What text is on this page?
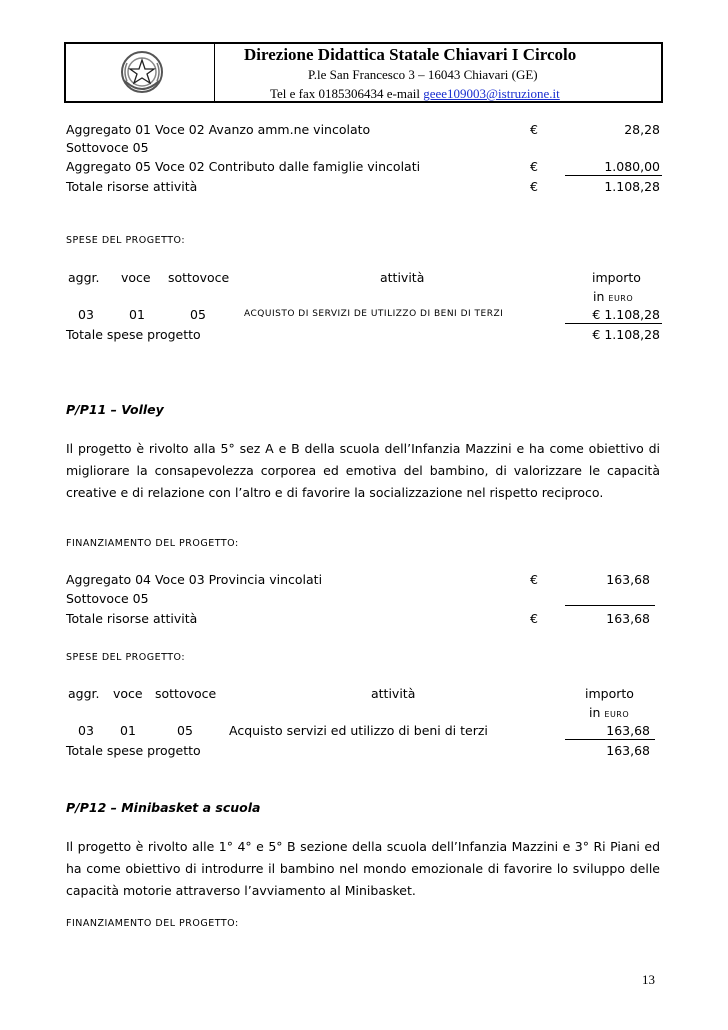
Direzione Didattica Statale Chiavari I Circolo
P.le San Francesco 3 – 16043 Chiavari (GE)
Tel e fax 0185306434 e-mail geee109003@istruzione.it
Aggregato 01 Voce 02 Avanzo amm.ne vincolato	€	28,28
Sottovoce 05
Aggregato 05 Voce 02 Contributo dalle famiglie vincolati	€	1.080,00
Totale risorse attività	€	1.108,28
SPESE DEL PROGETTO:
aggr. voce sottovoce	attività	importo
in EURO
03	01	05	ACQUISTO DI SERVIZI DE UTILIZZO DI BENI DI TERZI	€ 1.108,28
Totale spese progetto	€ 1.108,28
P/P11 – Volley
Il progetto è rivolto alla 5° sez A e B della scuola dell’Infanzia Mazzini e ha come obiettivo di
migliorare la consapevolezza corporea ed emotiva del bambino, di valorizzare le capacità
creative e di relazione con l’altro e di favorire la socializzazione nel rispetto reciproco.
FINANZIAMENTO DEL PROGETTO:
Aggregato 04 Voce 03 Provincia vincolati	€	163,68
Sottovoce 05
Totale risorse attività	€	163,68
SPESE DEL PROGETTO:
aggr. voce sottovoce	attività	importo
in EURO
03 01	05	Acquisto servizi ed utilizzo di beni di terzi	163,68
Totale spese progetto	163,68
P/P12 – Minibasket a scuola
Il progetto è rivolto alle 1° 4° e 5° B sezione della scuola dell’Infanzia Mazzini e 3° Ri Piani ed
ha come obiettivo di introdurre il bambino nel mondo emozionale di favorire lo sviluppo delle
capacità motorie attraverso l’avviamento al Minibasket.
FINANZIAMENTO DEL PROGETTO:
13
